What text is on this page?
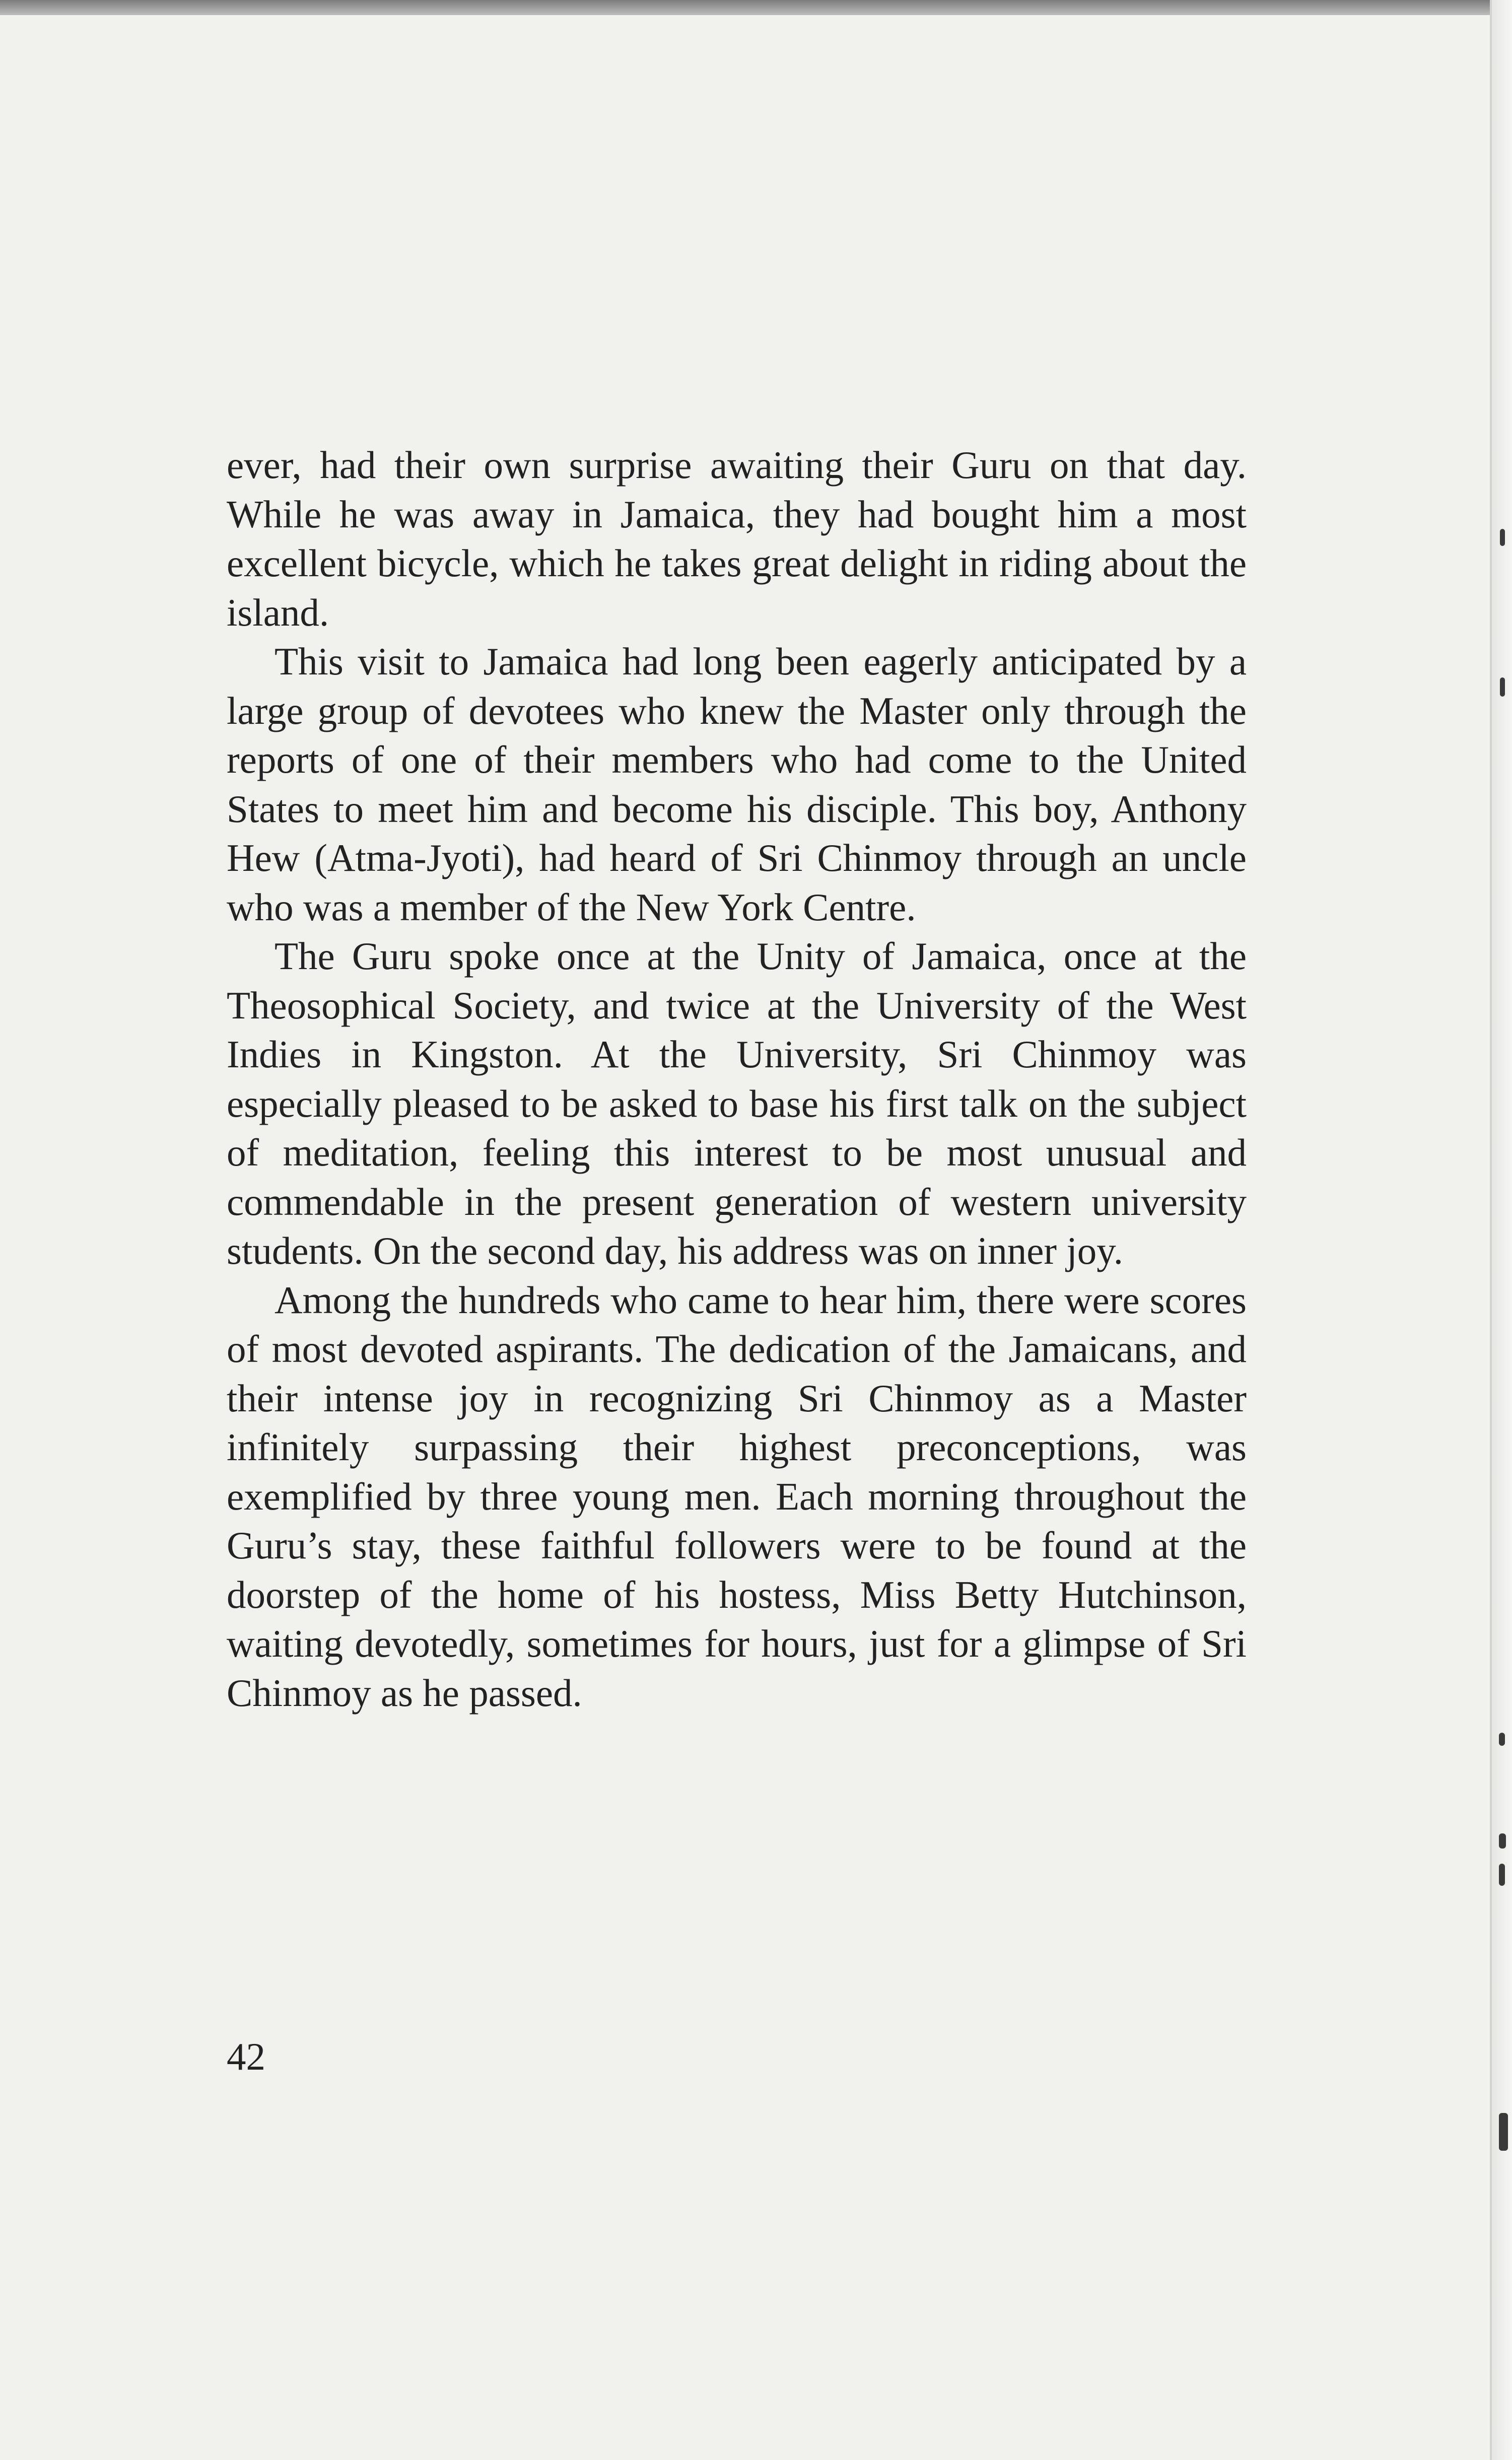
ever, had their own surprise awaiting their Guru on that day. While he was away in Jamaica, they had bought him a most excellent bicycle, which he takes great delight in riding about the island.

This visit to Jamaica had long been eagerly anticipated by a large group of devotees who knew the Master only through the reports of one of their members who had come to the United States to meet him and become his disciple. This boy, Anthony Hew (Atma-Jyoti), had heard of Sri Chinmoy through an uncle who was a member of the New York Centre.

The Guru spoke once at the Unity of Jamaica, once at the Theosophical Society, and twice at the University of the West Indies in Kingston. At the University, Sri Chinmoy was especially pleased to be asked to base his first talk on the subject of meditation, feeling this interest to be most unusual and commendable in the present generation of western university students. On the second day, his address was on inner joy.

Among the hundreds who came to hear him, there were scores of most devoted aspirants. The dedication of the Jamaicans, and their intense joy in recognizing Sri Chinmoy as a Master infinitely surpassing their highest preconceptions, was exemplified by three young men. Each morning throughout the Guru’s stay, these faithful followers were to be found at the doorstep of the home of his hostess, Miss Betty Hutchinson, waiting devotedly, sometimes for hours, just for a glimpse of Sri Chinmoy as he passed.

42
